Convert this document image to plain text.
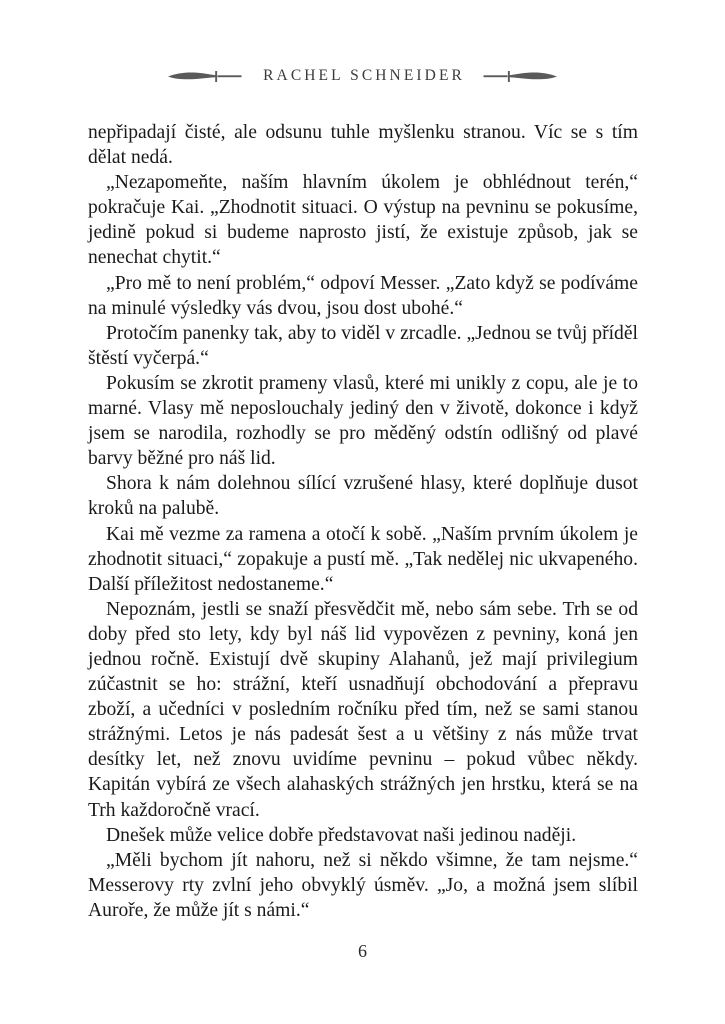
RACHEL SCHNEIDER

nepřipadají čisté, ale odsunu tuhle myšlenku stranou. Víc se s tím dělat nedá.

„Nezapomeňte, naším hlavním úkolem je obhlédnout terén,“ pokračuje Kai. „Zhodnotit situaci. O výstup na pevninu se pokusíme, jedině pokud si budeme naprosto jistí, že existuje způsob, jak se nenechat chytit.“

„Pro mě to není problém,“ odpoví Messer. „Zato když se podíváme na minulé výsledky vás dvou, jsou dost ubohé.“

Protočím panenky tak, aby to viděl v zrcadle. „Jednou se tvůj příděl štěstí vyčerpá.“

Pokusím se zkrotit prameny vlasů, které mi unikly z copu, ale je to marné. Vlasy mě neposlouchaly jediný den v životě, dokonce i když jsem se narodila, rozhodly se pro měděný odstín odlišný od plavé barvy běžné pro náš lid.

Shora k nám dolehnou sílící vzrušené hlasy, které doplňuje dusot kroků na palubě.

Kai mě vezme za ramena a otočí k sobě. „Naším prvním úkolem je zhodnotit situaci,“ zopakuje a pustí mě. „Tak nedělej nic ukvapeného. Další příležitost nedostaneme.“

Nepoznám, jestli se snaží přesvědčit mě, nebo sám sebe. Trh se od doby před sto lety, kdy byl náš lid vypovězen z pevniny, koná jen jednou ročně. Existují dvě skupiny Alahanů, jež mají privilegium zúčastnit se ho: strážní, kteří usnadňují obchodování a přepravu zboží, a učedníci v posledním ročníku před tím, než se sami stanou strážnými. Letos je nás padesát šest a u většiny z nás může trvat desítky let, než znovu uvidíme pevninu – pokud vůbec někdy. Kapitán vybírá ze všech alahaských strážných jen hrstku, která se na Trh každoročně vrací.

Dnešek může velice dobře představovat naši jedinou naději.

„Měli bychom jít nahoru, než si někdo všimne, že tam nejsme.“ Messerovy rty zvlní jeho obvyklý úsměv. „Jo, a možná jsem slíbil Auroře, že může jít s námi.“

6
